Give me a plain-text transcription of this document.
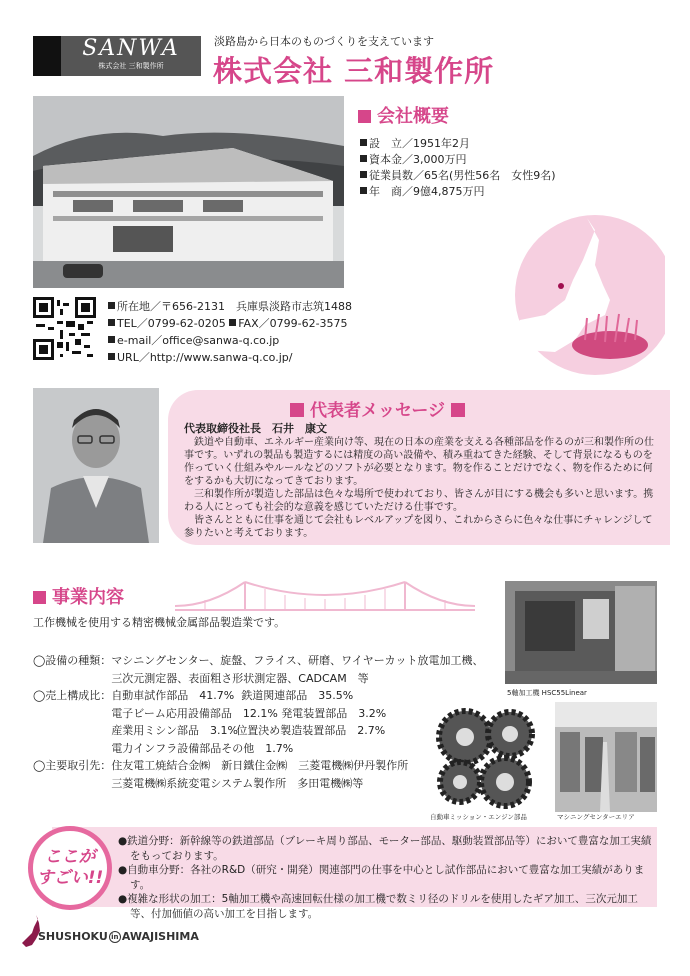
SANWA
株式会社 三和製作所
淡路島から日本のものづくりを支えています
株式会社 三和製作所
会社概要
設　立／1951年2月
資本金／3,000万円
従業員数／65名(男性56名　女性9名)
年　商／9億4,875万円
所在地／〒656-2131　兵庫県淡路市志筑1488
TEL／0799-62-0205 FAX／0799-62-3575
e-mail／office@sanwa-q.co.jp
URL／http://www.sanwa-q.co.jp/
代表者メッセージ
代表取締役社長　石井　康文

鉄道や自動車、エネルギー産業向け等、現在の日本の産業を支える各種部品を作るのが三和製作所の仕事です。いずれの製品も製造するには精度の高い設備や、積み重ねてきた経験、そして背景になるものを作っていく仕組みやルールなどのソフトが必要となります。物を作ることだけでなく、物を作るために何をするかも大切になってきております。

三和製作所が製造した部品は色々な場所で使われており、皆さんが目にする機会も多いと思います。携わる人にとっても社会的な意義を感じていただける仕事です。

皆さんとともに仕事を通じて会社もレベルアップを図り、これからさらに色々な仕事にチャレンジして参りたいと考えております。

事業内容
工作機械を使用する精密機械金属部品製造業です。
◯設備の種類：	マシニングセンター、旋盤、フライス、研磨、ワイヤーカット放電加工機、
	三次元測定器、表面粗さ形状測定器、CADCAM　等
◯売上構成比：	自動車試作部品　41.7% 鉄道関連部品　35.5%
	電子ビーム応用設備部品　12.1% 発電装置部品　3.2%
	産業用ミシン部品　3.1%位置決め製造装置部品　2.7%
	電力インフラ設備部品その他　1.7%
◯主要取引先：	住友電工焼結合金㈱　新日鐵住金㈱　三菱電機㈱伊丹製作所
	三菱電機㈱系統変電システム製作所　多田電機㈱等
5軸加工機 HSC55Linear
自動車ミッション・エンジン部品	マシニングセンターエリア
ここが
すごい!!
●鉄道分野：新幹線等の鉄道部品（ブレーキ周り部品、モーター部品、駆動装置部品等）において豊富な加工実績をもっております。
●自動車分野：各社のR&D（研究・開発）関連部門の仕事を中心とし試作部品において豊富な加工実績があります。
●複雑な形状の加工：5軸加工機や高速回転仕様の加工機で数ミリ径のドリルを使用したギア加工、三次元加工等、付加価値の高い加工を目指します。
SHUSHOKU in AWAJISHIMA
